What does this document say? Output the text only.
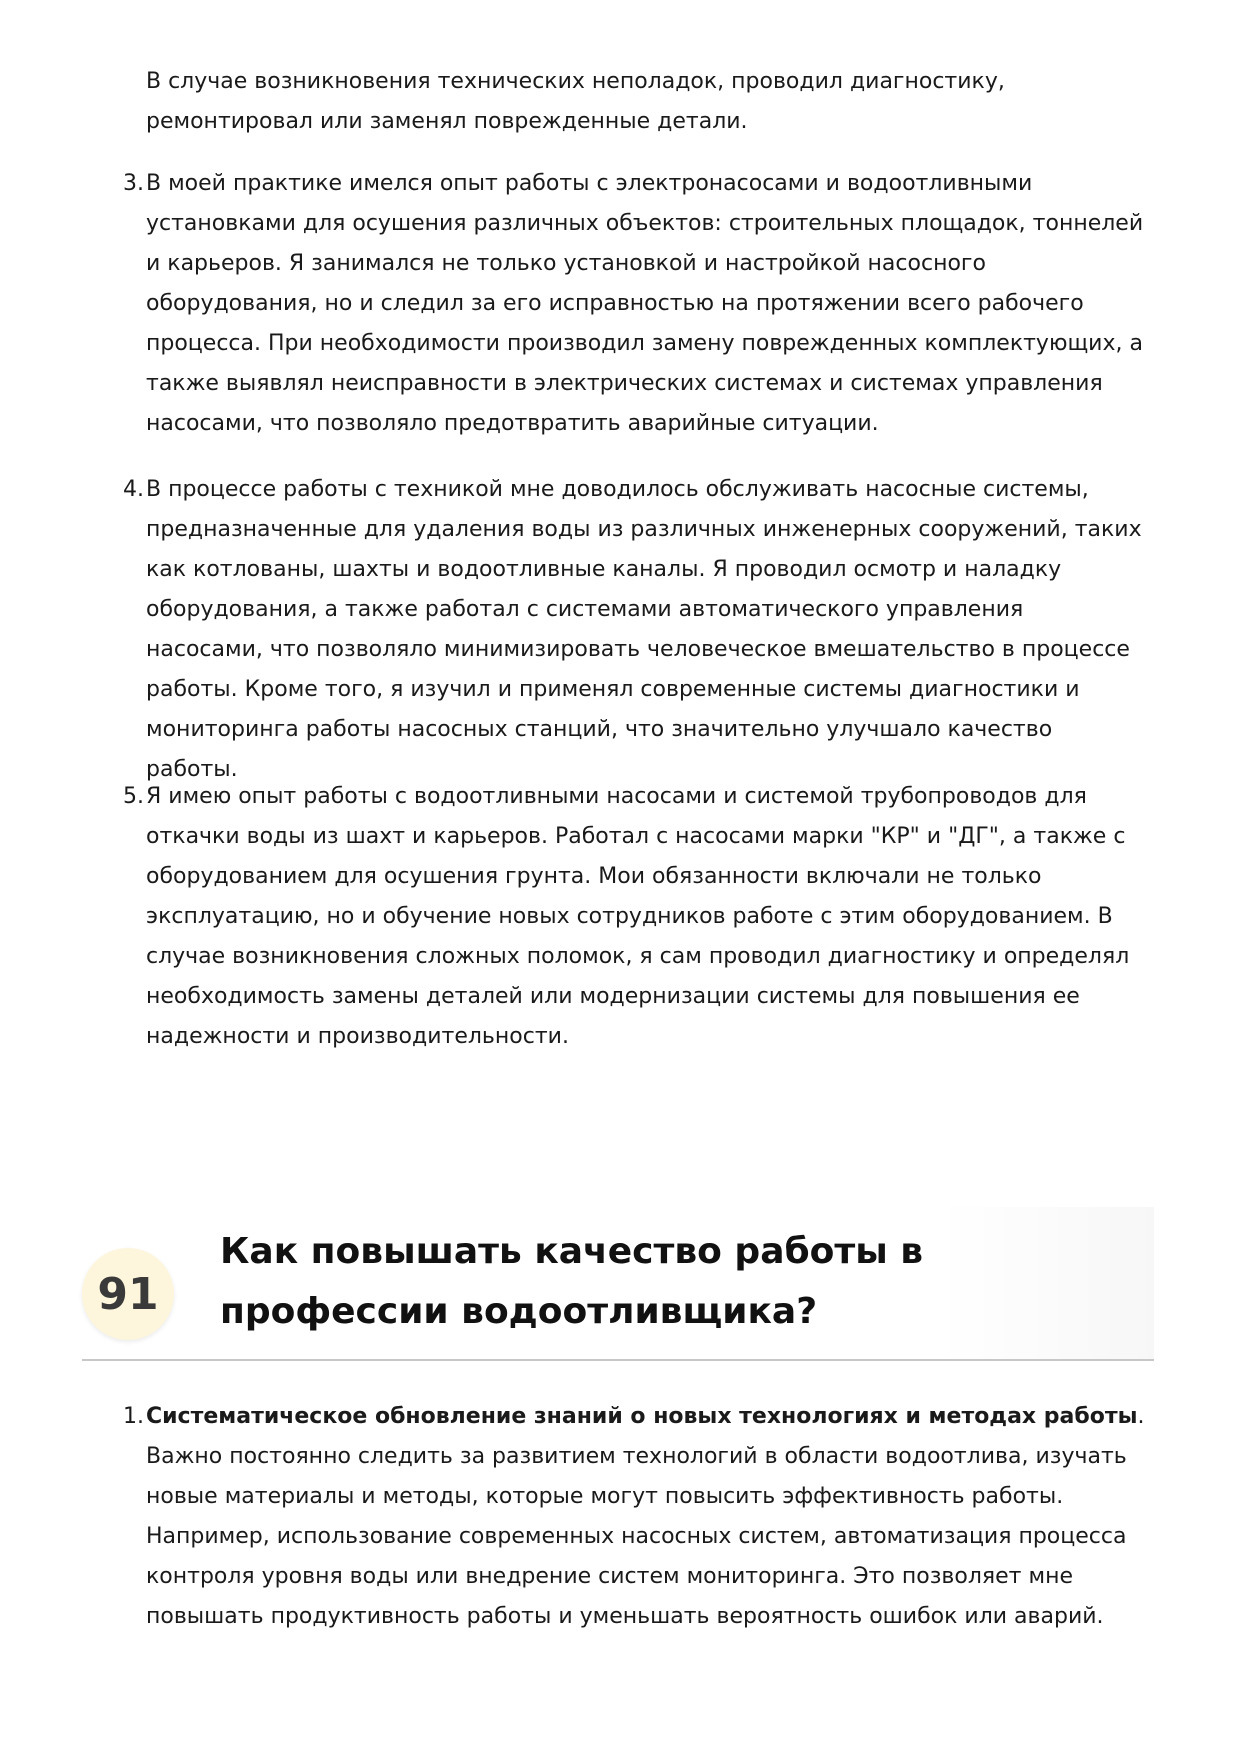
В случае возникновения технических неполадок, проводил диагностику, ремонтировал или заменял поврежденные детали.

3. В моей практике имелся опыт работы с электронасосами и водоотливными установками для осушения различных объектов: строительных площадок, тоннелей и карьеров. Я занимался не только установкой и настройкой насосного оборудования, но и следил за его исправностью на протяжении всего рабочего процесса. При необходимости производил замену поврежденных комплектующих, а также выявлял неисправности в электрических системах и системах управления насосами, что позволяло предотвратить аварийные ситуации.

4. В процессе работы с техникой мне доводилось обслуживать насосные системы, предназначенные для удаления воды из различных инженерных сооружений, таких как котлованы, шахты и водоотливные каналы. Я проводил осмотр и наладку оборудования, а также работал с системами автоматического управления насосами, что позволяло минимизировать человеческое вмешательство в процессе работы. Кроме того, я изучил и применял современные системы диагностики и мониторинга работы насосных станций, что значительно улучшало качество работы.

5. Я имею опыт работы с водоотливными насосами и системой трубопроводов для откачки воды из шахт и карьеров. Работал с насосами марки "КР" и "ДГ", а также с оборудованием для осушения грунта. Мои обязанности включали не только эксплуатацию, но и обучение новых сотрудников работе с этим оборудованием. В случае возникновения сложных поломок, я сам проводил диагностику и определял необходимость замены деталей или модернизации системы для повышения ее надежности и производительности.

91
Как повышать качество работы в профессии водоотливщика?
1. Систематическое обновление знаний о новых технологиях и методах работы. Важно постоянно следить за развитием технологий в области водоотлива, изучать новые материалы и методы, которые могут повысить эффективность работы. Например, использование современных насосных систем, автоматизация процесса контроля уровня воды или внедрение систем мониторинга. Это позволяет мне повышать продуктивность работы и уменьшать вероятность ошибок или аварий.
